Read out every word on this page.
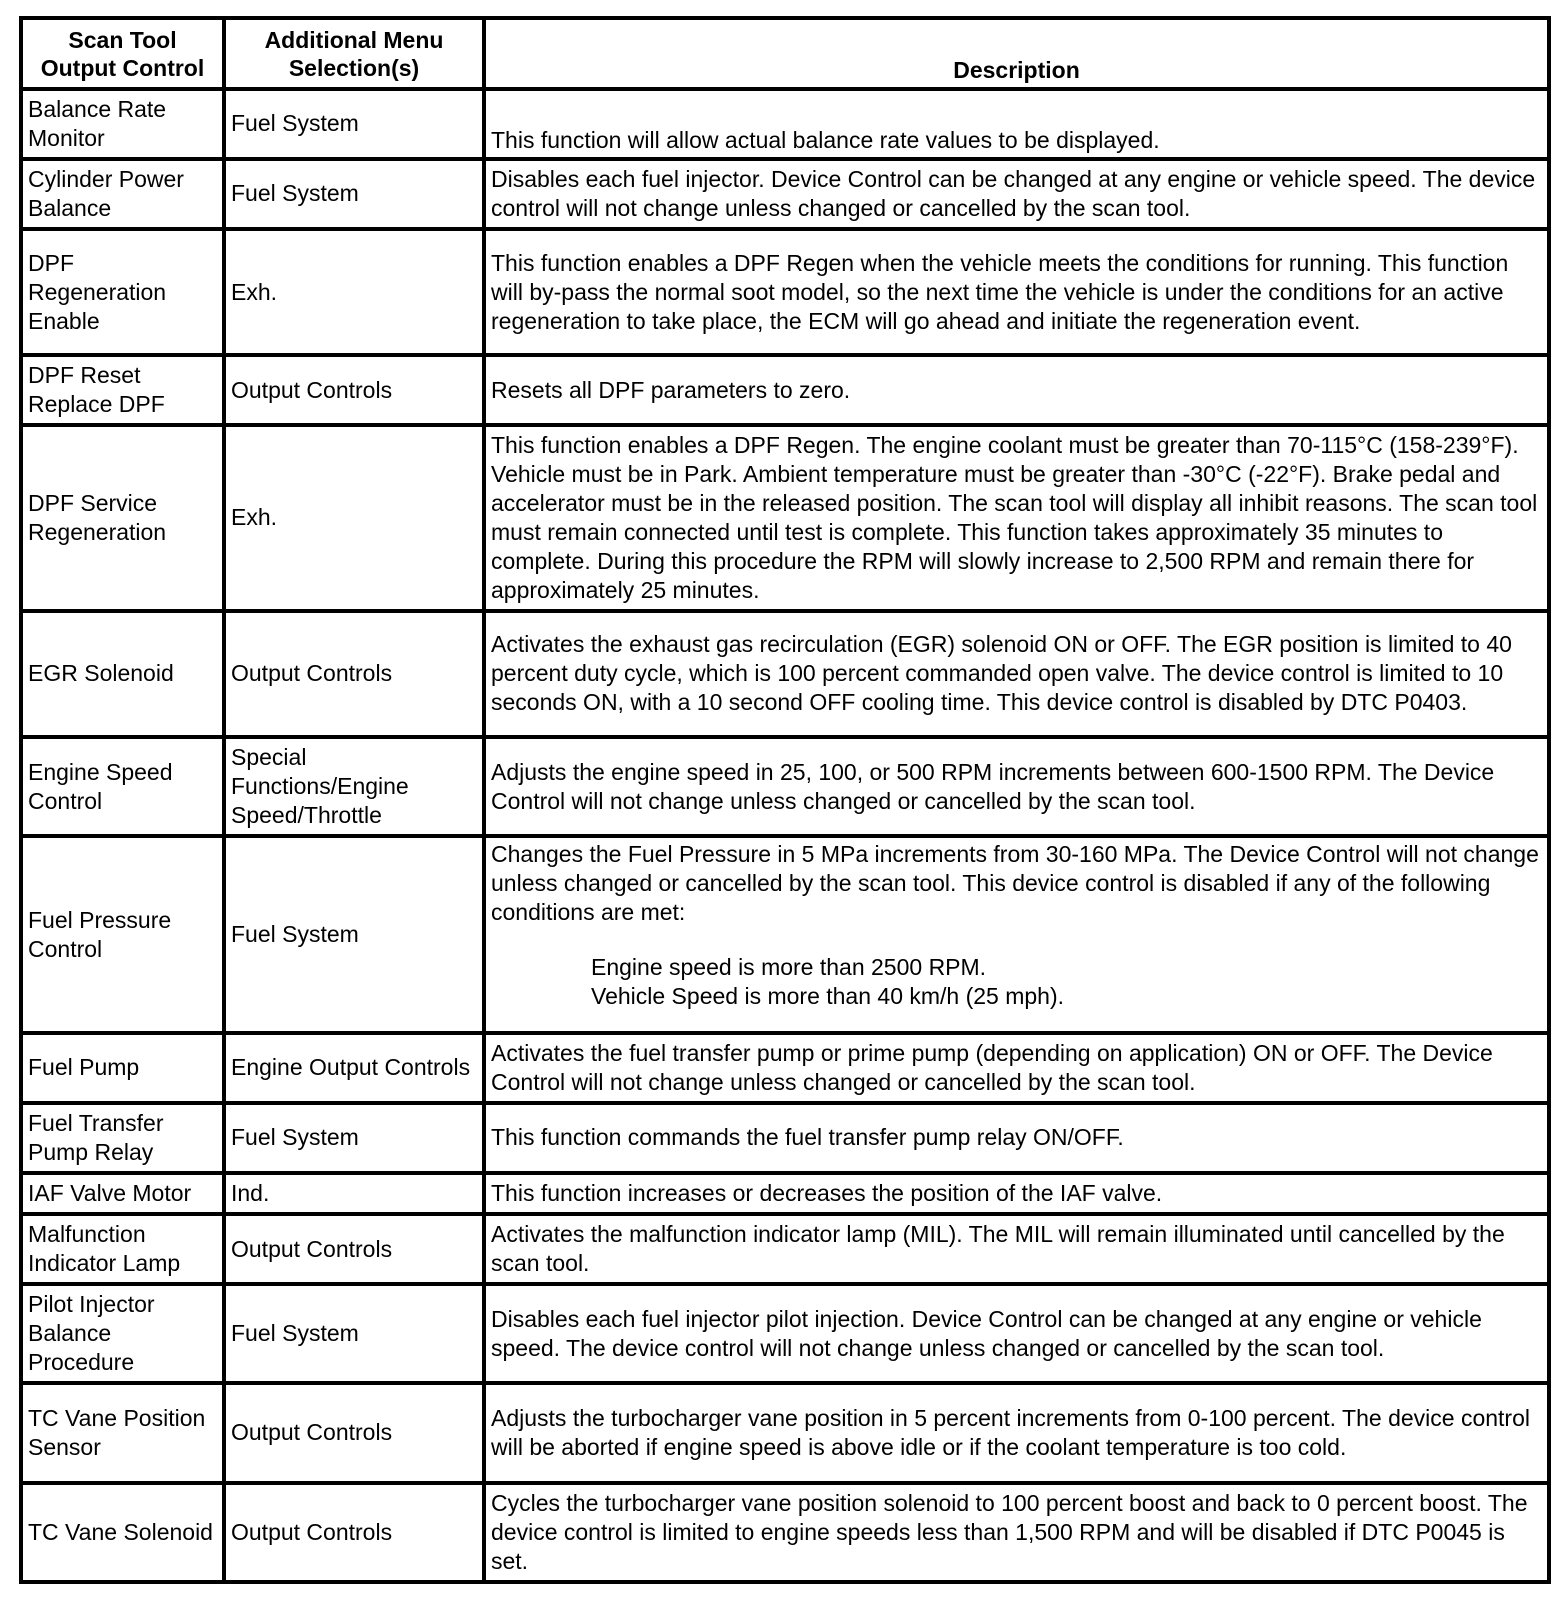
Scan Tool Output Control	Additional Menu Selection(s)	Description
Balance Rate Monitor	Fuel System	This function will allow actual balance rate values to be displayed.
Cylinder Power Balance	Fuel System	Disables each fuel injector. Device Control can be changed at any engine or vehicle speed. The device control will not change unless changed or cancelled by the scan tool.
DPF Regeneration Enable	Exh.	This function enables a DPF Regen when the vehicle meets the conditions for running. This function will by-pass the normal soot model, so the next time the vehicle is under the conditions for an active regeneration to take place, the ECM will go ahead and initiate the regeneration event.
DPF Reset Replace DPF	Output Controls	Resets all DPF parameters to zero.
DPF Service Regeneration	Exh.	This function enables a DPF Regen. The engine coolant must be greater than 70-115°C (158-239°F). Vehicle must be in Park. Ambient temperature must be greater than -30°C (-22°F). Brake pedal and accelerator must be in the released position. The scan tool will display all inhibit reasons. The scan tool must remain connected until test is complete. This function takes approximately 35 minutes to complete. During this procedure the RPM will slowly increase to 2,500 RPM and remain there for approximately 25 minutes.
EGR Solenoid	Output Controls	Activates the exhaust gas recirculation (EGR) solenoid ON or OFF. The EGR position is limited to 40 percent duty cycle, which is 100 percent commanded open valve. The device control is limited to 10 seconds ON, with a 10 second OFF cooling time. This device control is disabled by DTC P0403.
Engine Speed Control	Special Functions/Engine Speed/Throttle	Adjusts the engine speed in 25, 100, or 500 RPM increments between 600-1500 RPM. The Device Control will not change unless changed or cancelled by the scan tool.
Fuel Pressure Control	Fuel System	Changes the Fuel Pressure in 5 MPa increments from 30-160 MPa. The Device Control will not change unless changed or cancelled by the scan tool. This device control is disabled if any of the following conditions are met:
Engine speed is more than 2500 RPM.
Vehicle Speed is more than 40 km/h (25 mph).

Fuel Pump	Engine Output Controls	Activates the fuel transfer pump or prime pump (depending on application) ON or OFF. The Device Control will not change unless changed or cancelled by the scan tool.
Fuel Transfer Pump Relay	Fuel System	This function commands the fuel transfer pump relay ON/OFF.
IAF Valve Motor	Ind.	This function increases or decreases the position of the IAF valve.
Malfunction Indicator Lamp	Output Controls	Activates the malfunction indicator lamp (MIL). The MIL will remain illuminated until cancelled by the scan tool.
Pilot Injector Balance Procedure	Fuel System	Disables each fuel injector pilot injection. Device Control can be changed at any engine or vehicle speed. The device control will not change unless changed or cancelled by the scan tool.
TC Vane Position Sensor	Output Controls	Adjusts the turbocharger vane position in 5 percent increments from 0-100 percent. The device control will be aborted if engine speed is above idle or if the coolant temperature is too cold.
TC Vane Solenoid	Output Controls	Cycles the turbocharger vane position solenoid to 100 percent boost and back to 0 percent boost. The device control is limited to engine speeds less than 1,500 RPM and will be disabled if DTC P0045 is set.
